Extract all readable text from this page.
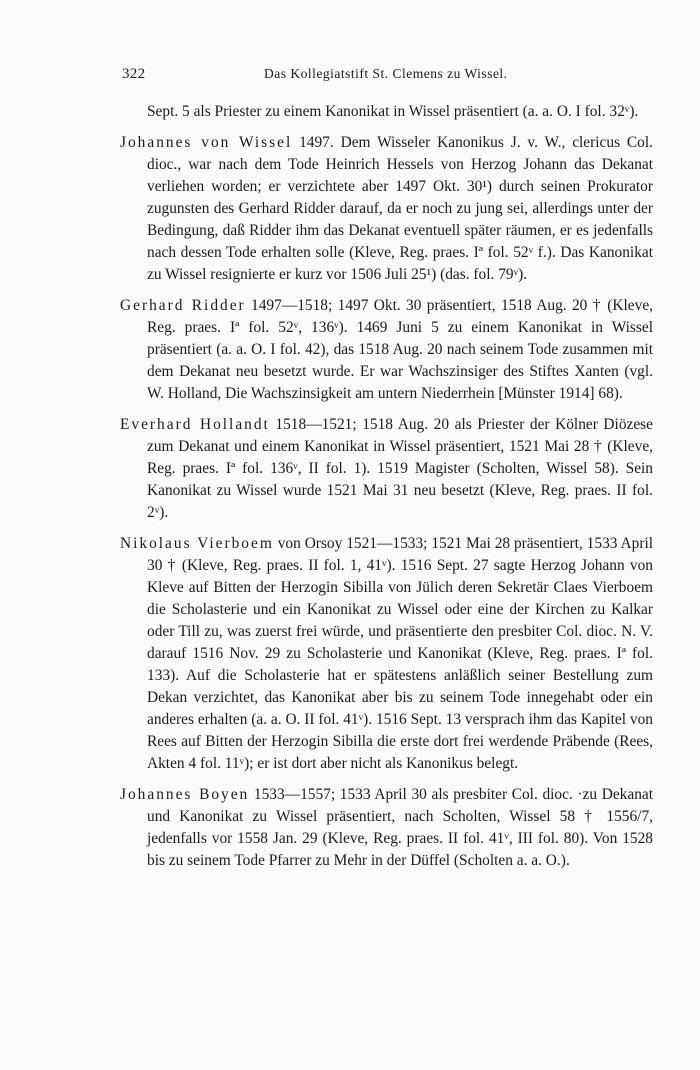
322	Das Kollegiatstift St. Clemens zu Wissel.

Sept. 5 als Priester zu einem Kanonikat in Wissel präsentiert (a. a. O. I fol. 32ᵛ).

Johannes von Wissel 1497. Dem Wisseler Kanonikus J. v. W., clericus Col. dioc., war nach dem Tode Heinrich Hessels von Herzog Johann das Dekanat verliehen worden; er verzichtete aber 1497 Okt. 30¹) durch seinen Prokurator zugunsten des Gerhard Ridder darauf, da er noch zu jung sei, allerdings unter der Bedingung, daß Ridder ihm das Dekanat eventuell später räumen, er es jedenfalls nach dessen Tode erhalten solle (Kleve, Reg. praes. Iª fol. 52ᵛ f.). Das Kanonikat zu Wissel resignierte er kurz vor 1506 Juli 25¹) (das. fol. 79ᵛ).

Gerhard Ridder 1497—1518; 1497 Okt. 30 präsentiert, 1518 Aug. 20 † (Kleve, Reg. praes. Iª fol. 52ᵛ, 136ᵛ). 1469 Juni 5 zu einem Kanonikat in Wissel präsentiert (a. a. O. I fol. 42), das 1518 Aug. 20 nach seinem Tode zusammen mit dem Dekanat neu besetzt wurde. Er war Wachszinsiger des Stiftes Xanten (vgl. W. Holland, Die Wachszinsigkeit am untern Niederrhein [Münster 1914] 68).

Everhard Hollandt 1518—1521; 1518 Aug. 20 als Priester der Kölner Diözese zum Dekanat und einem Kanonikat in Wissel präsentiert, 1521 Mai 28 † (Kleve, Reg. praes. Iª fol. 136ᵛ, II fol. 1). 1519 Magister (Scholten, Wissel 58). Sein Kanonikat zu Wissel wurde 1521 Mai 31 neu besetzt (Kleve, Reg. praes. II fol. 2ᵛ).

Nikolaus Vierboem von Orsoy 1521—1533; 1521 Mai 28 präsentiert, 1533 April 30 † (Kleve, Reg. praes. II fol. 1, 41ᵛ). 1516 Sept. 27 sagte Herzog Johann von Kleve auf Bitten der Herzogin Sibilla von Jülich deren Sekretär Claes Vierboem die Scholasterie und ein Kanonikat zu Wissel oder eine der Kirchen zu Kalkar oder Till zu, was zuerst frei würde, und präsentierte den presbiter Col. dioc. N. V. darauf 1516 Nov. 29 zu Scholasterie und Kanonikat (Kleve, Reg. praes. Iª fol. 133). Auf die Scholasterie hat er spätestens anläßlich seiner Bestellung zum Dekan verzichtet, das Kanonikat aber bis zu seinem Tode innegehabt oder ein anderes erhalten (a. a. O. II fol. 41ᵛ). 1516 Sept. 13 versprach ihm das Kapitel von Rees auf Bitten der Herzogin Sibilla die erste dort frei werdende Präbende (Rees, Akten 4 fol. 11ᵛ); er ist dort aber nicht als Kanonikus belegt.

Johannes Boyen 1533—1557; 1533 April 30 als presbiter Col. dioc. ·zu Dekanat und Kanonikat zu Wissel präsentiert, nach Scholten, Wissel 58 † 1556/7, jedenfalls vor 1558 Jan. 29 (Kleve, Reg. praes. II fol. 41ᵛ, III fol. 80). Von 1528 bis zu seinem Tode Pfarrer zu Mehr in der Düffel (Scholten a. a. O.).
